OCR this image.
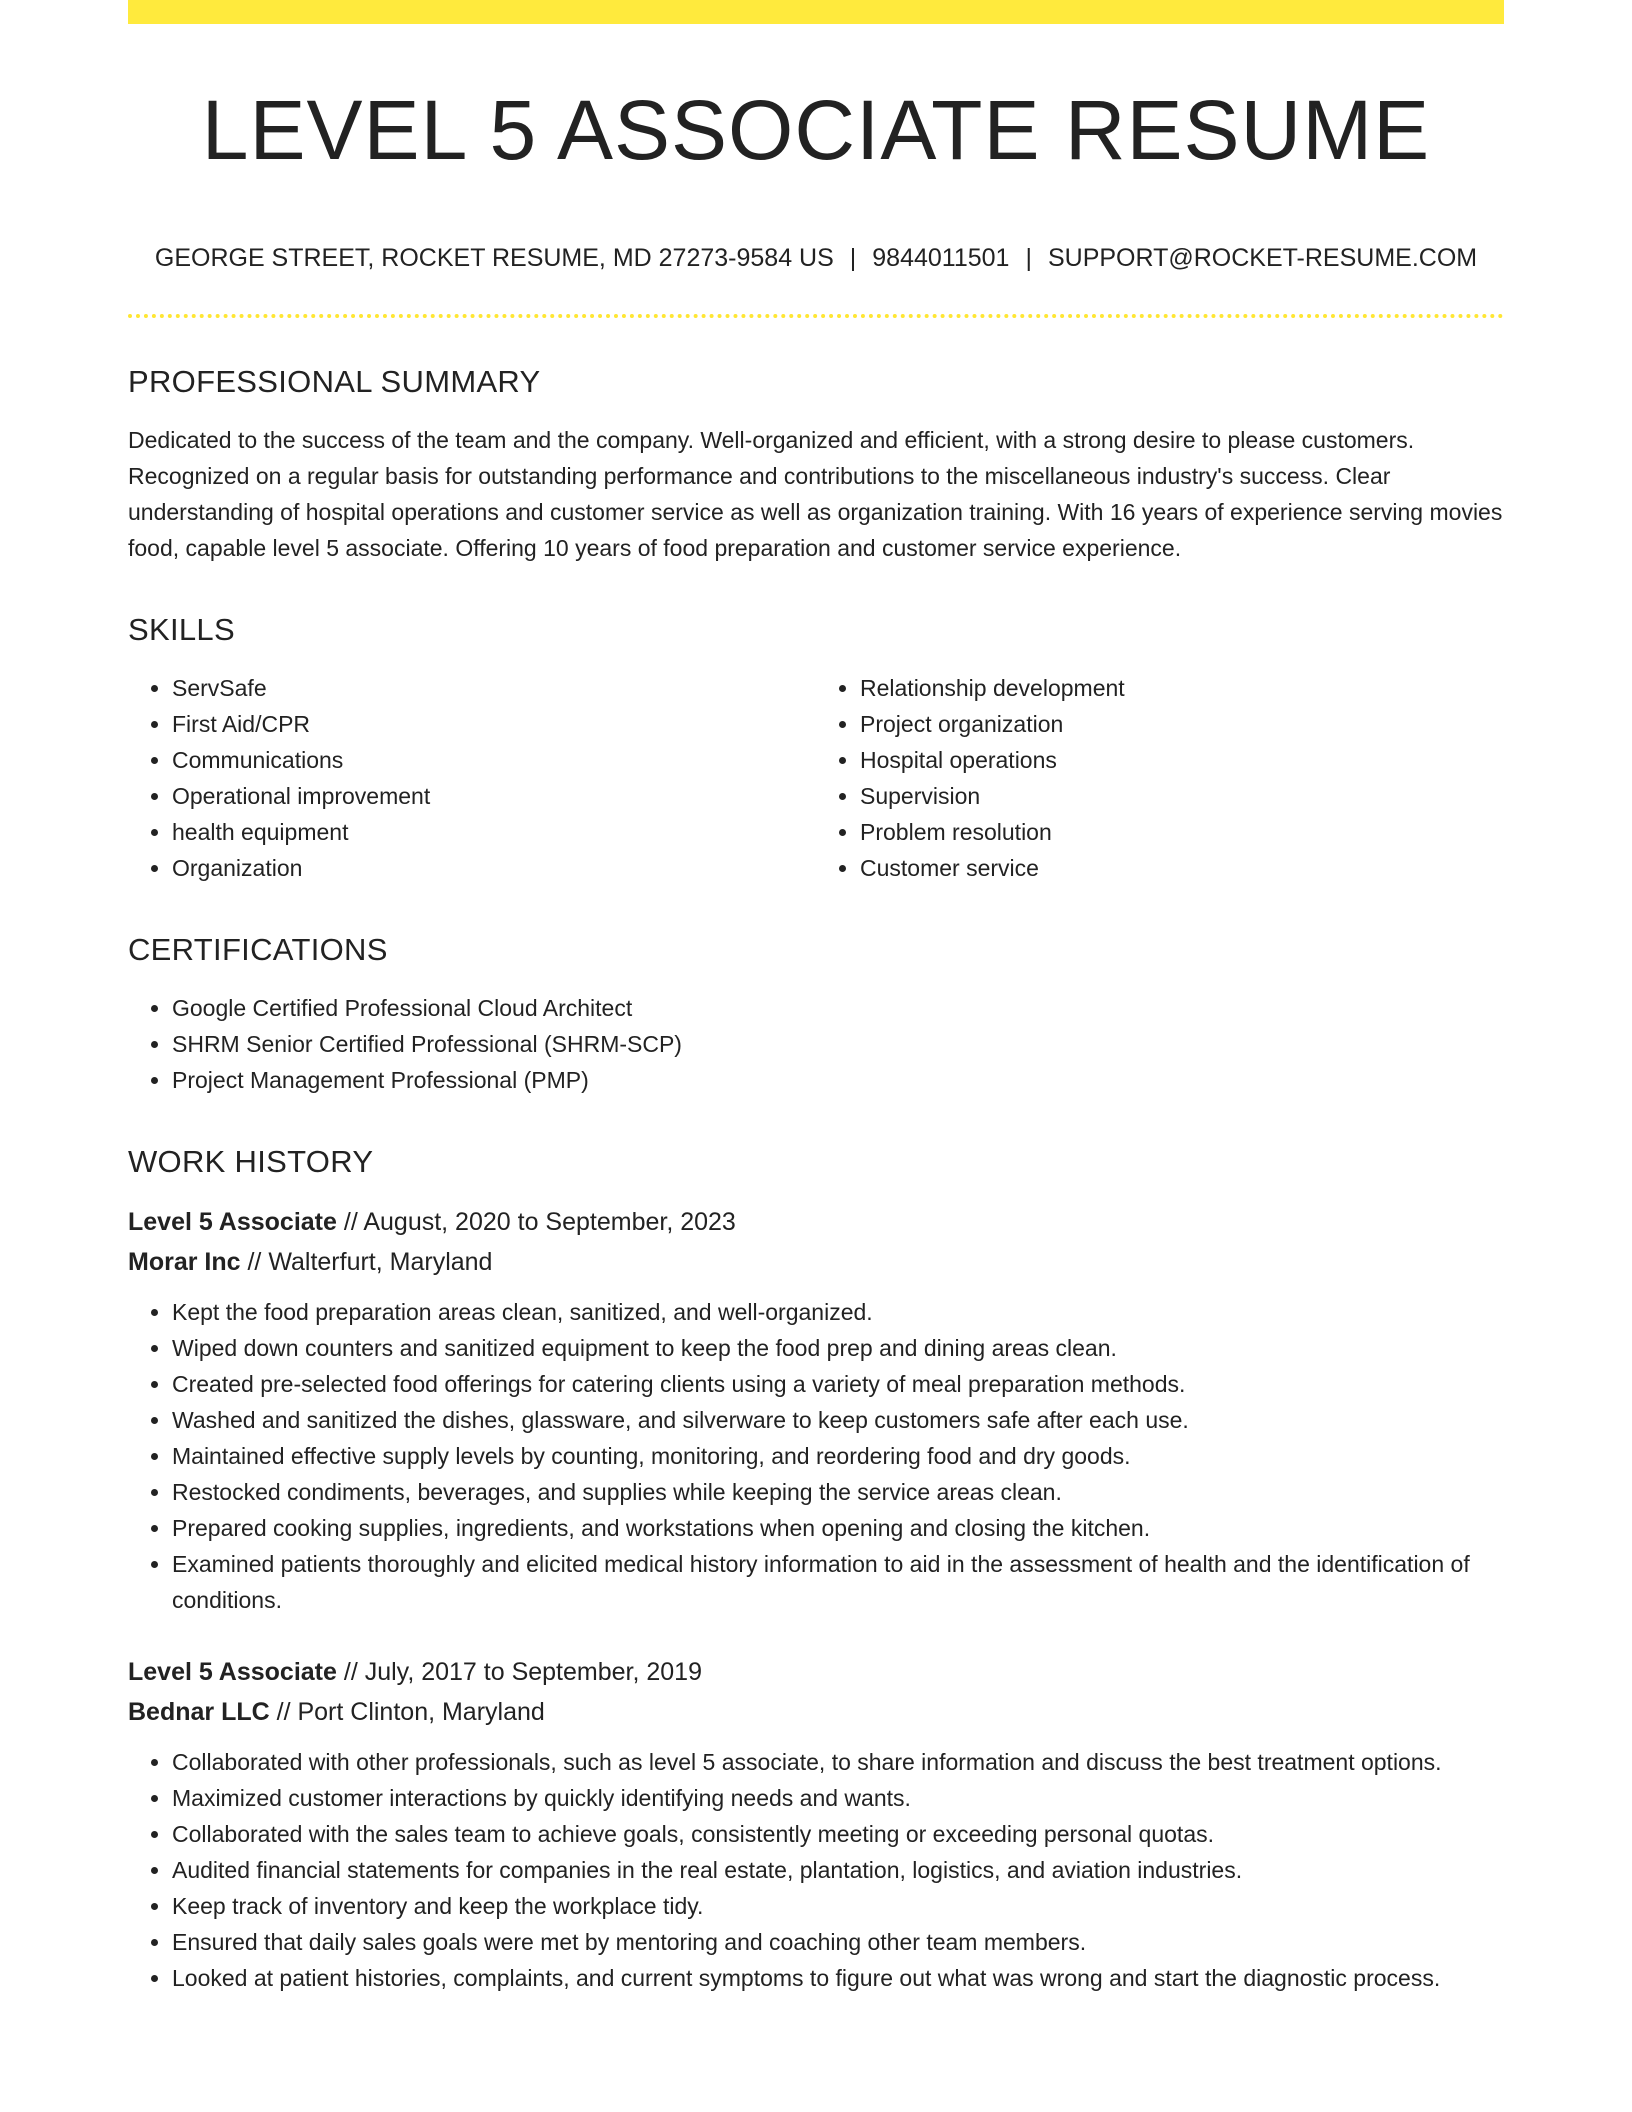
LEVEL 5 ASSOCIATE RESUME
GEORGE STREET, ROCKET RESUME, MD 27273-9584 US | 9844011501 | SUPPORT@ROCKET-RESUME.COM
PROFESSIONAL SUMMARY
Dedicated to the success of the team and the company. Well-organized and efficient, with a strong desire to please customers. Recognized on a regular basis for outstanding performance and contributions to the miscellaneous industry's success. Clear understanding of hospital operations and customer service as well as organization training. With 16 years of experience serving movies food, capable level 5 associate. Offering 10 years of food preparation and customer service experience.
SKILLS
• ServSafe
• First Aid/CPR
• Communications
• Operational improvement
• health equipment
• Organization
• Relationship development
• Project organization
• Hospital operations
• Supervision
• Problem resolution
• Customer service
CERTIFICATIONS
• Google Certified Professional Cloud Architect
• SHRM Senior Certified Professional (SHRM-SCP)
• Project Management Professional (PMP)
WORK HISTORY
Level 5 Associate // August, 2020 to September, 2023
Morar Inc // Walterfurt, Maryland
• Kept the food preparation areas clean, sanitized, and well-organized.
• Wiped down counters and sanitized equipment to keep the food prep and dining areas clean.
• Created pre-selected food offerings for catering clients using a variety of meal preparation methods.
• Washed and sanitized the dishes, glassware, and silverware to keep customers safe after each use.
• Maintained effective supply levels by counting, monitoring, and reordering food and dry goods.
• Restocked condiments, beverages, and supplies while keeping the service areas clean.
• Prepared cooking supplies, ingredients, and workstations when opening and closing the kitchen.
• Examined patients thoroughly and elicited medical history information to aid in the assessment of health and the identification of conditions.
Level 5 Associate // July, 2017 to September, 2019
Bednar LLC // Port Clinton, Maryland
• Collaborated with other professionals, such as level 5 associate, to share information and discuss the best treatment options.
• Maximized customer interactions by quickly identifying needs and wants.
• Collaborated with the sales team to achieve goals, consistently meeting or exceeding personal quotas.
• Audited financial statements for companies in the real estate, plantation, logistics, and aviation industries.
• Keep track of inventory and keep the workplace tidy.
• Ensured that daily sales goals were met by mentoring and coaching other team members.
• Looked at patient histories, complaints, and current symptoms to figure out what was wrong and start the diagnostic process.
